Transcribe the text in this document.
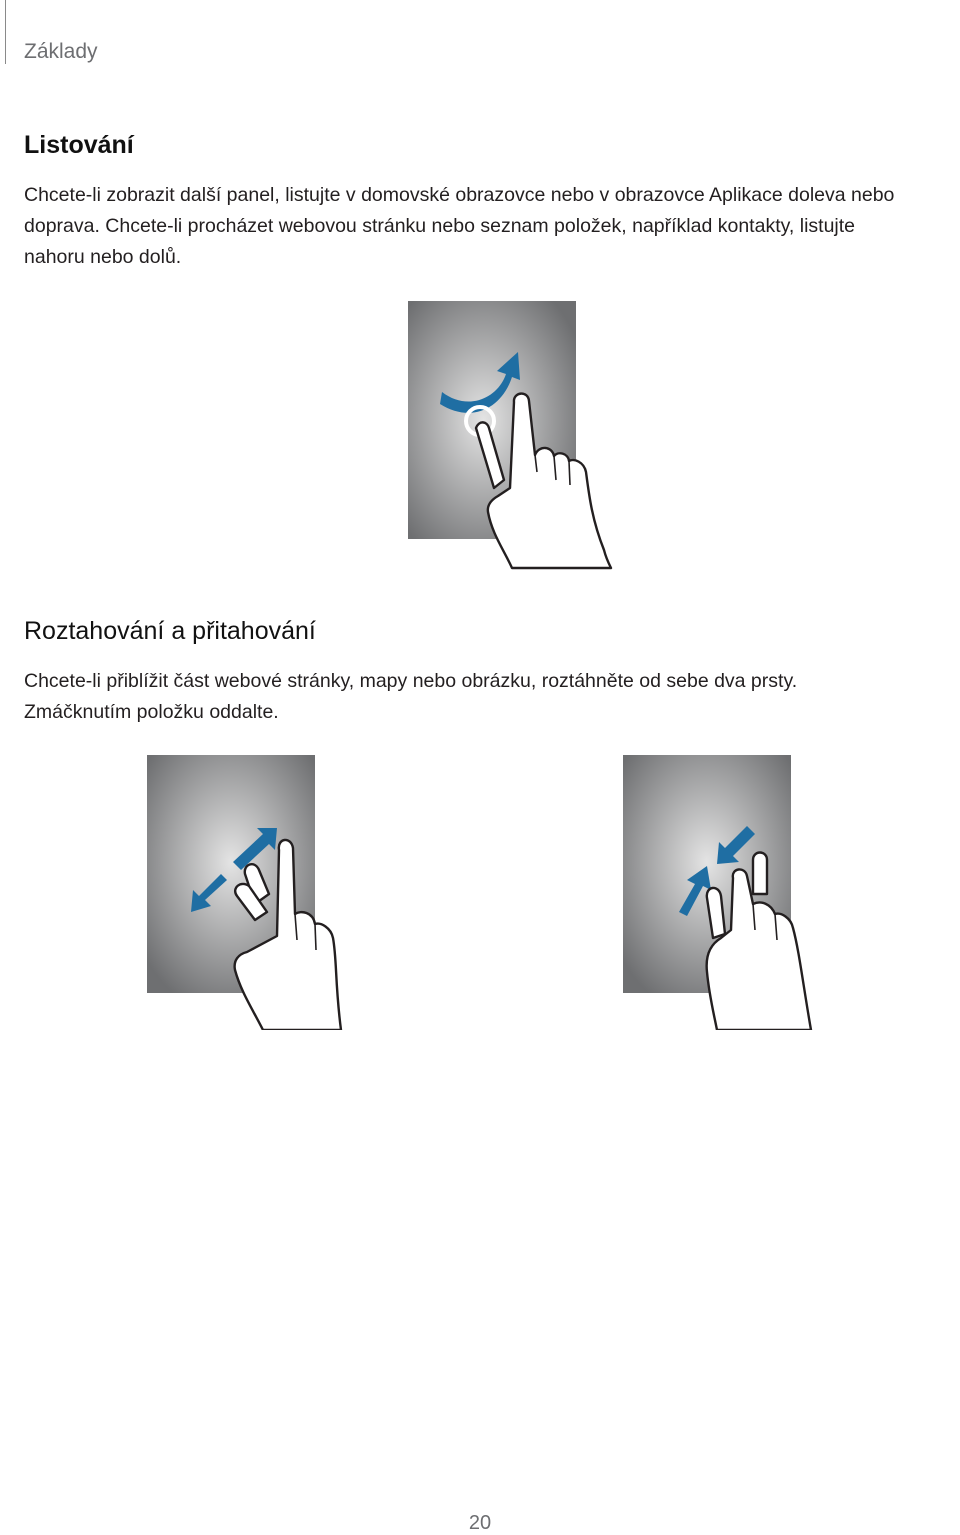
Základy
Listování

Chcete-li zobrazit další panel, listujte v domovské obrazovce nebo v obrazovce Aplikace doleva nebo
doprava. Chcete-li procházet webovou stránku nebo seznam položek, například kontakty, listujte
nahoru nebo dolů.

Roztahování a přitahování

Chcete-li přiblížit část webové stránky, mapy nebo obrázku, roztáhněte od sebe dva prsty.
Zmáčknutím položku oddalte.

20
